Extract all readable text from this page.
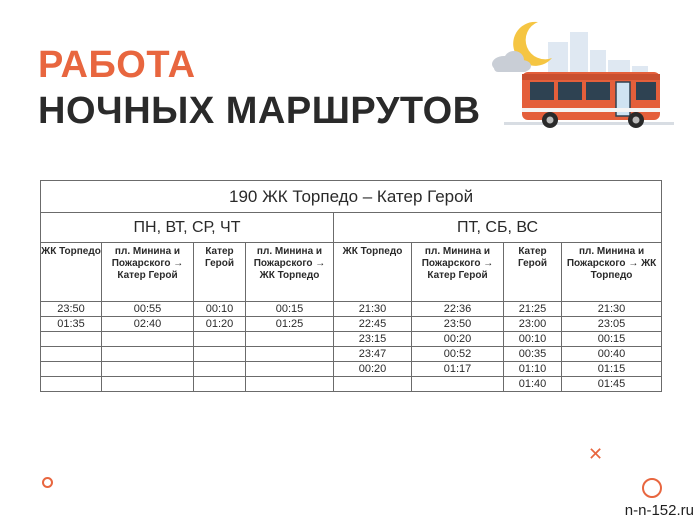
РАБОТА
НОЧНЫХ МАРШРУТОВ
190 ЖК Торпедо – Катер Герой							
ПН, ВТ, СР, ЧТ				ПТ, СБ, ВС			
ЖК Торпедо	пл. Минина и Пожарского → Катер Герой	Катер Герой	пл. Минина и Пожарского → ЖК Торпедо	ЖК Торпедо	пл. Минина и Пожарского → Катер Герой	Катер Герой	пл. Минина и Пожарского → ЖК Торпедо
23:50	00:55	00:10	00:15	21:30	22:36	21:25	21:30
01:35	02:40	01:20	01:25	22:45	23:50	23:00	23:05
				23:15	00:20	00:10	00:15
				23:47	00:52	00:35	00:40
				00:20	01:17	01:10	01:15
						01:40	01:45
✕
n-n-152.ru
